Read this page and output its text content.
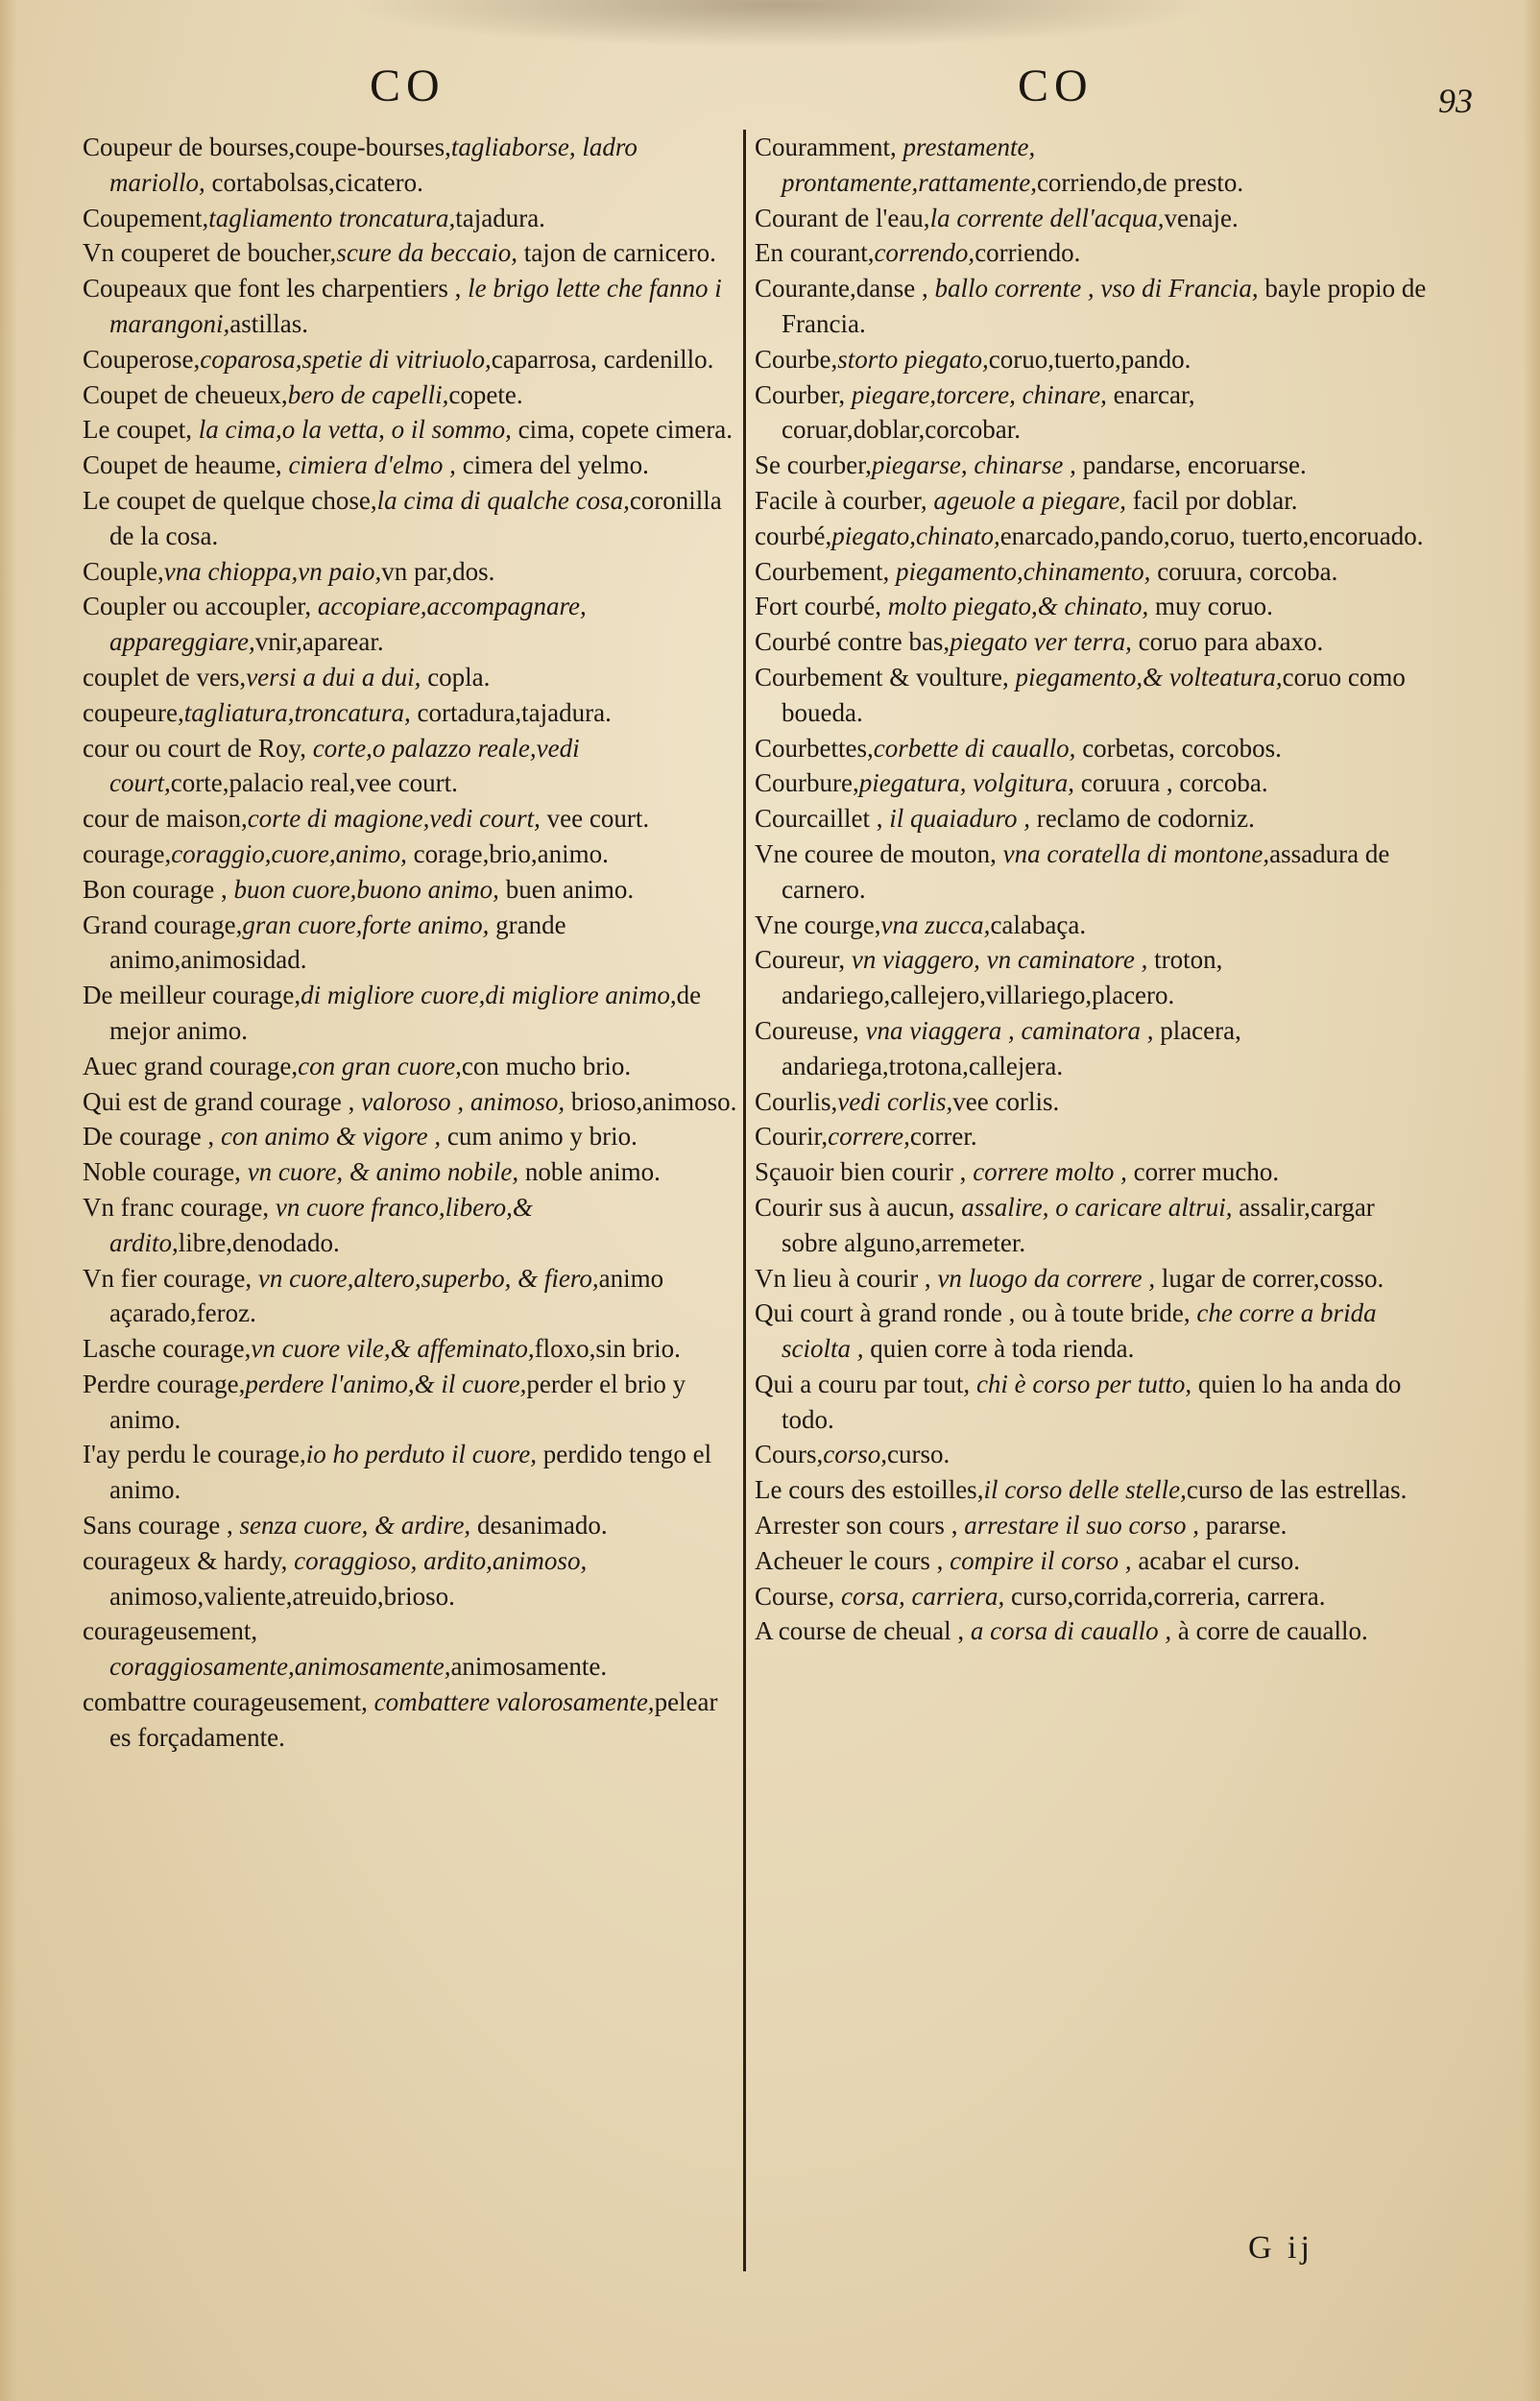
CO	CO	93

Coupeur de bourses,coupe-bourses,tagliaborse, ladro mariollo, cortabolsas,cicatero.

Coupement,tagliamento troncatura,tajadura.

Vn couperet de boucher,scure da beccaio, tajon de carnicero.

Coupeaux que font les charpentiers , le brigo lette che fanno i marangoni,astillas.

Couperose,coparosa,spetie di vitriuolo,caparrosa, cardenillo.

Coupet de cheueux,bero de capelli,copete.

Le coupet, la cima,o la vetta, o il sommo, cima, copete cimera.

Coupet de heaume, cimiera d'elmo , cimera del yelmo.

Le coupet de quelque chose,la cima di qualche cosa,coronilla de la cosa.

Couple,vna chioppa,vn paio,vn par,dos.

Coupler ou accoupler, accopiare,accompagnare, appareggiare,vnir,aparear.

couplet de vers,versi a dui a dui, copla.

coupeure,tagliatura,troncatura, cortadura,tajadura.

cour ou court de Roy, corte,o palazzo reale,vedi court,corte,palacio real,vee court.

cour de maison,corte di magione,vedi court, vee court.

courage,coraggio,cuore,animo, corage,brio,animo.

Bon courage , buon cuore,buono animo, buen animo.

Grand courage,gran cuore,forte animo, grande animo,animosidad.

De meilleur courage,di migliore cuore,di migliore animo,de mejor animo.

Auec grand courage,con gran cuore,con mucho brio.

Qui est de grand courage , valoroso , animoso, brioso,animoso.

De courage , con animo & vigore , cum animo y brio.

Noble courage, vn cuore, & animo nobile, noble animo.

Vn franc courage, vn cuore franco,libero,& ardito,libre,denodado.

Vn fier courage, vn cuore,altero,superbo, & fiero,animo açarado,feroz.

Lasche courage,vn cuore vile,& affeminato,floxo,sin brio.

Perdre courage,perdere l'animo,& il cuore,perder el brio y animo.

I'ay perdu le courage,io ho perduto il cuore, perdido tengo el animo.

Sans courage , senza cuore, & ardire, desanimado.

courageux & hardy, coraggioso, ardito,animoso, animoso,valiente,atreuido,brioso.

courageusement, coraggiosamente,animosamente,animosamente.

combattre courageusement, combattere valorosamente,pelear es forçadamente.

Couramment, prestamente, prontamente,rattamente,corriendo,de presto.

Courant de l'eau,la corrente dell'acqua,venaje.

En courant,correndo,corriendo.

Courante,danse , ballo corrente , vso di Francia, bayle propio de Francia.

Courbe,storto piegato,coruo,tuerto,pando.

Courber, piegare,torcere, chinare, enarcar, coruar,doblar,corcobar.

Se courber,piegarse, chinarse , pandarse, encoruarse.

Facile à courber, ageuole a piegare, facil por doblar.

courbé,piegato,chinato,enarcado,pando,coruo, tuerto,encoruado.

Courbement, piegamento,chinamento, coruura, corcoba.

Fort courbé, molto piegato,& chinato, muy coruo.

Courbé contre bas,piegato ver terra, coruo para abaxo.

Courbement & voulture, piegamento,& volteatura,coruo como boueda.

Courbettes,corbette di cauallo, corbetas, corcobos.

Courbure,piegatura, volgitura, coruura , corcoba.

Courcaillet , il quaiaduro , reclamo de codorniz.

Vne couree de mouton, vna coratella di montone,assadura de carnero.

Vne courge,vna zucca,calabaça.

Coureur, vn viaggero, vn caminatore , troton, andariego,callejero,villariego,placero.

Coureuse, vna viaggera , caminatora , placera, andariega,trotona,callejera.

Courlis,vedi corlis,vee corlis.

Courir,correre,correr.

Sçauoir bien courir , correre molto , correr mucho.

Courir sus à aucun, assalire, o caricare altrui, assalir,cargar sobre alguno,arremeter.

Vn lieu à courir , vn luogo da correre , lugar de correr,cosso.

Qui court à grand ronde , ou à toute bride, che corre a brida sciolta , quien corre à toda rienda.

Qui a couru par tout, chi è corso per tutto, quien lo ha anda do todo.

Cours,corso,curso.

Le cours des estoilles,il corso delle stelle,curso de las estrellas.

Arrester son cours , arrestare il suo corso , pararse.

Acheuer le cours , compire il corso , acabar el curso.

Course, corsa, carriera, curso,corrida,correria, carrera.

A course de cheual , a corsa di cauallo , à corre de cauallo.

G ij
